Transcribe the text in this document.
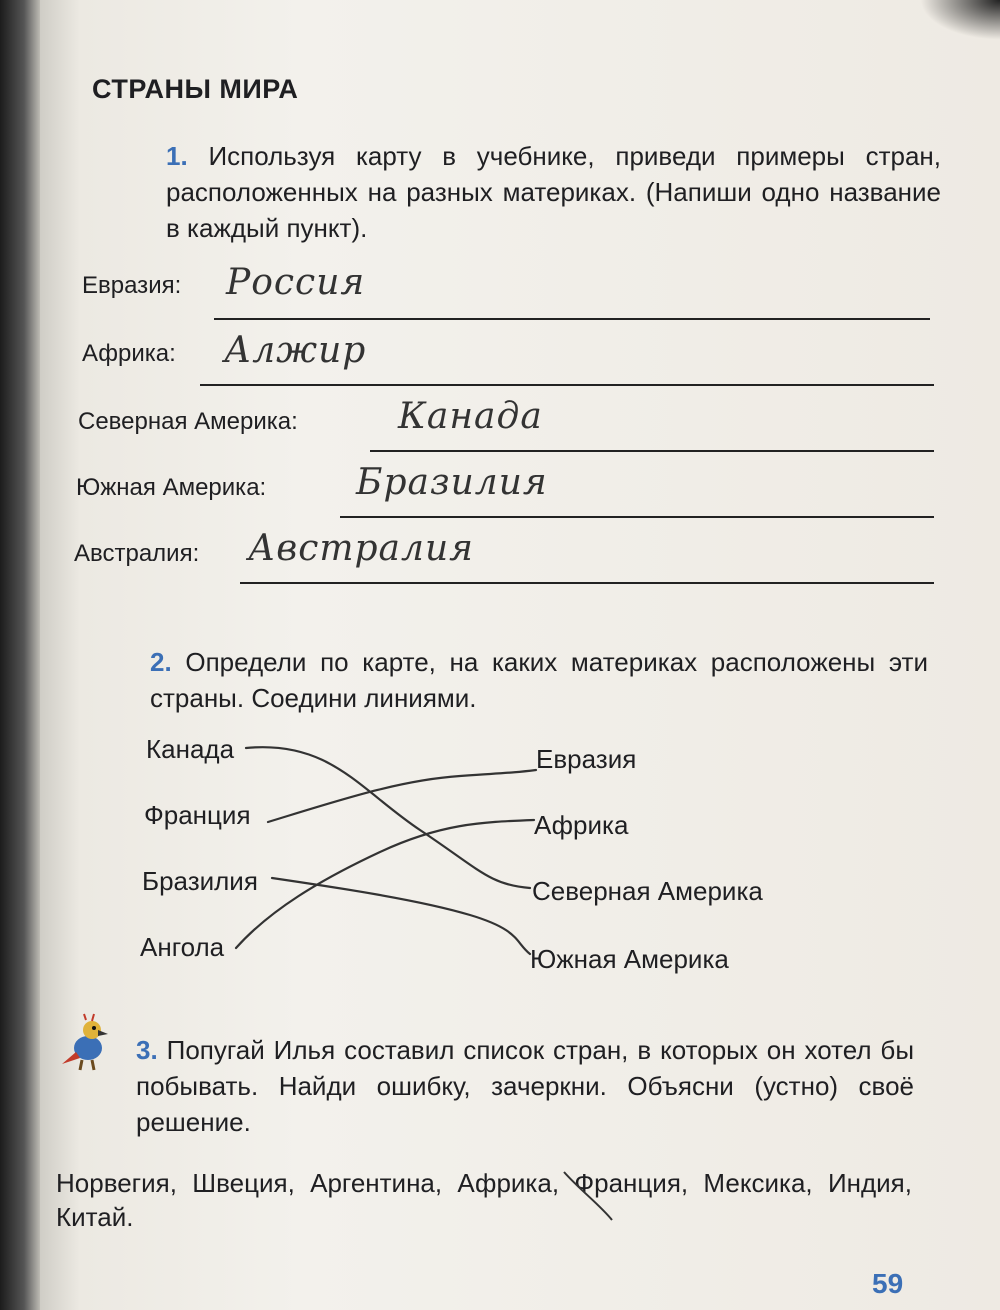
СТРАНЫ МИРА
1. Используя карту в учебнике, приведи примеры стран, расположенных на разных материках. (Напиши одно название в каждый пункт).
Евразия: Россия
Африка: Алжир
Северная Америка:	Канада
Южная Америка: Бразилия
Австралия: Австралия
2. Определи по карте, на каких материках расположены эти страны. Соедини линиями.
Канада
Франция
Бразилия
Ангола
Евразия
Африка
Северная Америка
Южная Америка
3. Попугай Илья составил список стран, в которых он хотел бы побывать. Найди ошибку, зачеркни. Объясни (устно) своё решение.
Норвегия, Швеция, Аргентина, Африка, Франция, Мексика, Индия, Китай.
59
